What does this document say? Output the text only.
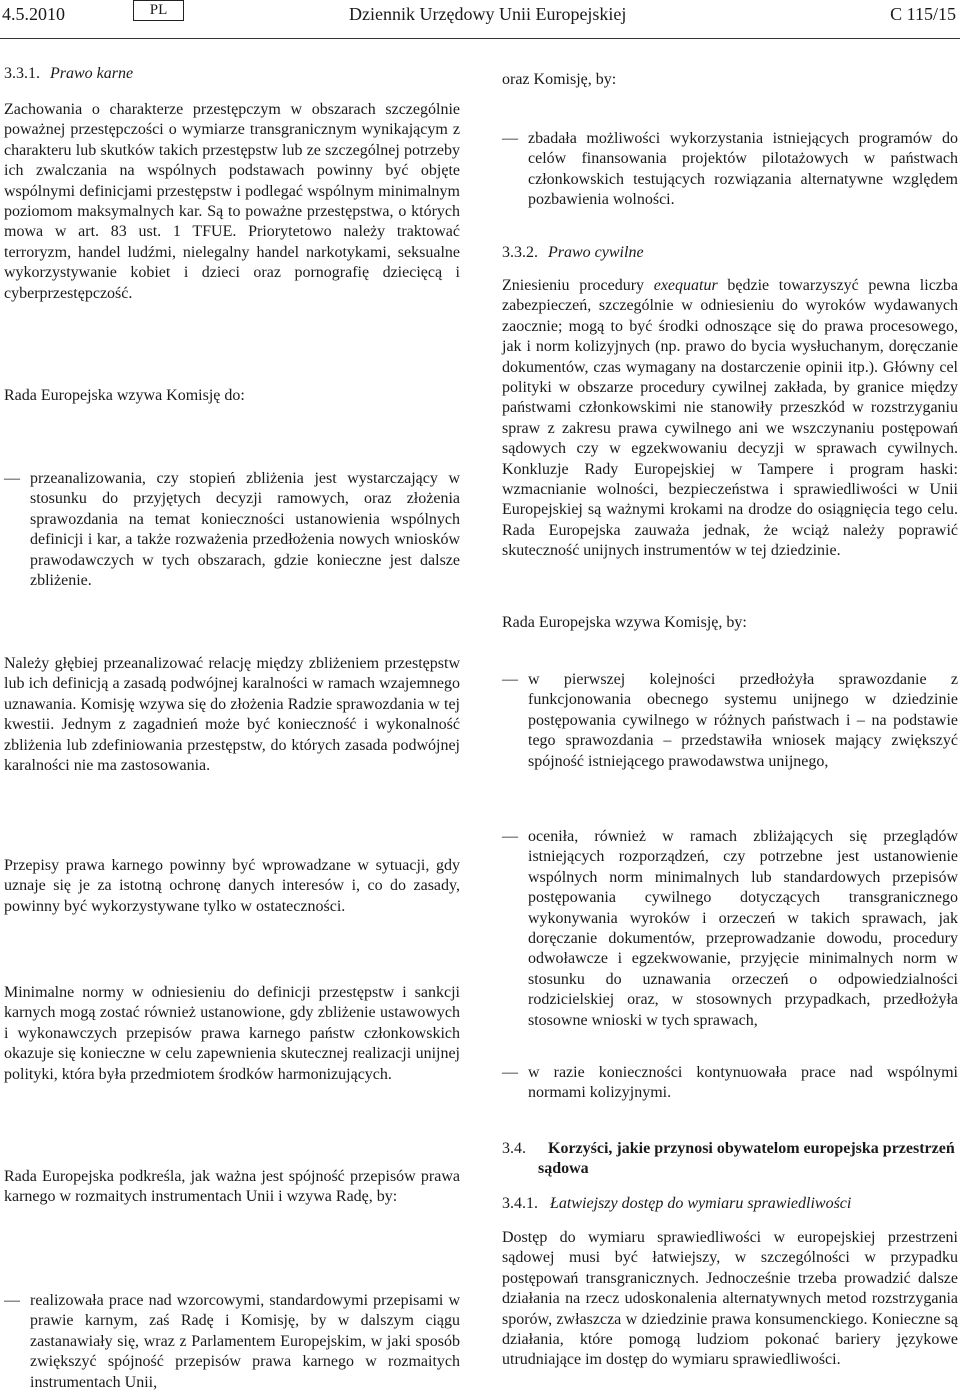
4.5.2010	PL	Dziennik Urzędowy Unii Europejskiej	C 115/15
3.3.1. Prawo karne
Zachowania o charakterze przestępczym w obszarach szczególnie poważnej przestępczości o wymiarze transgranicznym wynikającym z charakteru lub skutków takich przestępstw lub ze szczególnej potrzeby ich zwalczania na wspólnych podstawach powinny być objęte wspólnymi definicjami przestępstw i podlegać wspólnym minimalnym poziomom maksymalnych kar. Są to poważne przestępstwa, o których mowa w art. 83 ust. 1 TFUE. Priorytetowo należy traktować terroryzm, handel ludźmi, nielegalny handel narkotykami, seksualne wykorzystywanie kobiet i dzieci oraz pornografię dziecięcą i cyberprzestępczość.
Rada Europejska wzywa Komisję do:
— przeanalizowania, czy stopień zbliżenia jest wystarczający w stosunku do przyjętych decyzji ramowych, oraz złożenia sprawozdania na temat konieczności ustanowienia wspólnych definicji i kar, a także rozważenia przedłożenia nowych wniosków prawodawczych w tych obszarach, gdzie konieczne jest dalsze zbliżenie.
Należy głębiej przeanalizować relację między zbliżeniem przestępstw lub ich definicją a zasadą podwójnej karalności w ramach wzajemnego uznawania. Komisję wzywa się do złożenia Radzie sprawozdania w tej kwestii. Jednym z zagadnień może być konieczność i wykonalność zbliżenia lub zdefiniowania przestępstw, do których zasada podwójnej karalności nie ma zastosowania.
Przepisy prawa karnego powinny być wprowadzane w sytuacji, gdy uznaje się je za istotną ochronę danych interesów i, co do zasady, powinny być wykorzystywane tylko w ostateczności.
Minimalne normy w odniesieniu do definicji przestępstw i sankcji karnych mogą zostać również ustanowione, gdy zbliżenie ustawowych i wykonawczych przepisów prawa karnego państw członkowskich okazuje się konieczne w celu zapewnienia skutecznej realizacji unijnej polityki, która była przedmiotem środków harmonizujących.
Rada Europejska podkreśla, jak ważna jest spójność przepisów prawa karnego w rozmaitych instrumentach Unii i wzywa Radę, by:
— realizowała prace nad wzorcowymi, standardowymi przepisami w prawie karnym, zaś Radę i Komisję, by w dalszym ciągu zastanawiały się, wraz z Parlamentem Europejskim, w jaki sposób zwiększyć spójność przepisów prawa karnego w rozmaitych instrumentach Unii,
oraz Komisję, by:
— zbadała możliwości wykorzystania istniejących programów do celów finansowania projektów pilotażowych w państwach członkowskich testujących rozwiązania alternatywne względem pozbawienia wolności.
3.3.2. Prawo cywilne
Zniesieniu procedury exequatur będzie towarzyszyć pewna liczba zabezpieczeń, szczególnie w odniesieniu do wyroków wydawanych zaocznie; mogą to być środki odnoszące się do prawa procesowego, jak i norm kolizyjnych (np. prawo do bycia wysłuchanym, doręczanie dokumentów, czas wymagany na dostarczenie opinii itp.). Główny cel polityki w obszarze procedury cywilnej zakłada, by granice między państwami członkowskimi nie stanowiły przeszkód w rozstrzyganiu spraw z zakresu prawa cywilnego ani we wszczynaniu postępowań sądowych czy w egzekwowaniu decyzji w sprawach cywilnych. Konkluzje Rady Europejskiej w Tampere i program haski: wzmacnianie wolności, bezpieczeństwa i sprawiedliwości w Unii Europejskiej są ważnymi krokami na drodze do osiągnięcia tego celu. Rada Europejska zauważa jednak, że wciąż należy poprawić skuteczność unijnych instrumentów w tej dziedzinie.
Rada Europejska wzywa Komisję, by:
— w pierwszej kolejności przedłożyła sprawozdanie z funkcjonowania obecnego systemu unijnego w dziedzinie postępowania cywilnego w różnych państwach i – na podstawie tego sprawozdania – przedstawiła wniosek mający zwiększyć spójność istniejącego prawodawstwa unijnego,
— oceniła, również w ramach zbliżających się przeglądów istniejących rozporządzeń, czy potrzebne jest ustanowienie wspólnych norm minimalnych lub standardowych przepisów postępowania cywilnego dotyczących transgranicznego wykonywania wyroków i orzeczeń w takich sprawach, jak doręczanie dokumentów, przeprowadzanie dowodu, procedury odwoławcze i egzekwowanie, przyjęcie minimalnych norm w stosunku do uznawania orzeczeń o odpowiedzialności rodzicielskiej oraz, w stosownych przypadkach, przedłożyła stosowne wnioski w tych sprawach,
— w razie konieczności kontynuowała prace nad wspólnymi normami kolizyjnymi.
3.4.	Korzyści, jakie przynosi obywatelom europejska przestrzeń sądowa
3.4.1. Łatwiejszy dostęp do wymiaru sprawiedliwości
Dostęp do wymiaru sprawiedliwości w europejskiej przestrzeni sądowej musi być łatwiejszy, w szczególności w przypadku postępowań transgranicznych. Jednocześnie trzeba prowadzić dalsze działania na rzecz udoskonalenia alternatywnych metod rozstrzygania sporów, zwłaszcza w dziedzinie prawa konsumenckiego. Konieczne są działania, które pomogą ludziom pokonać bariery językowe utrudniające im dostęp do wymiaru sprawiedliwości.
